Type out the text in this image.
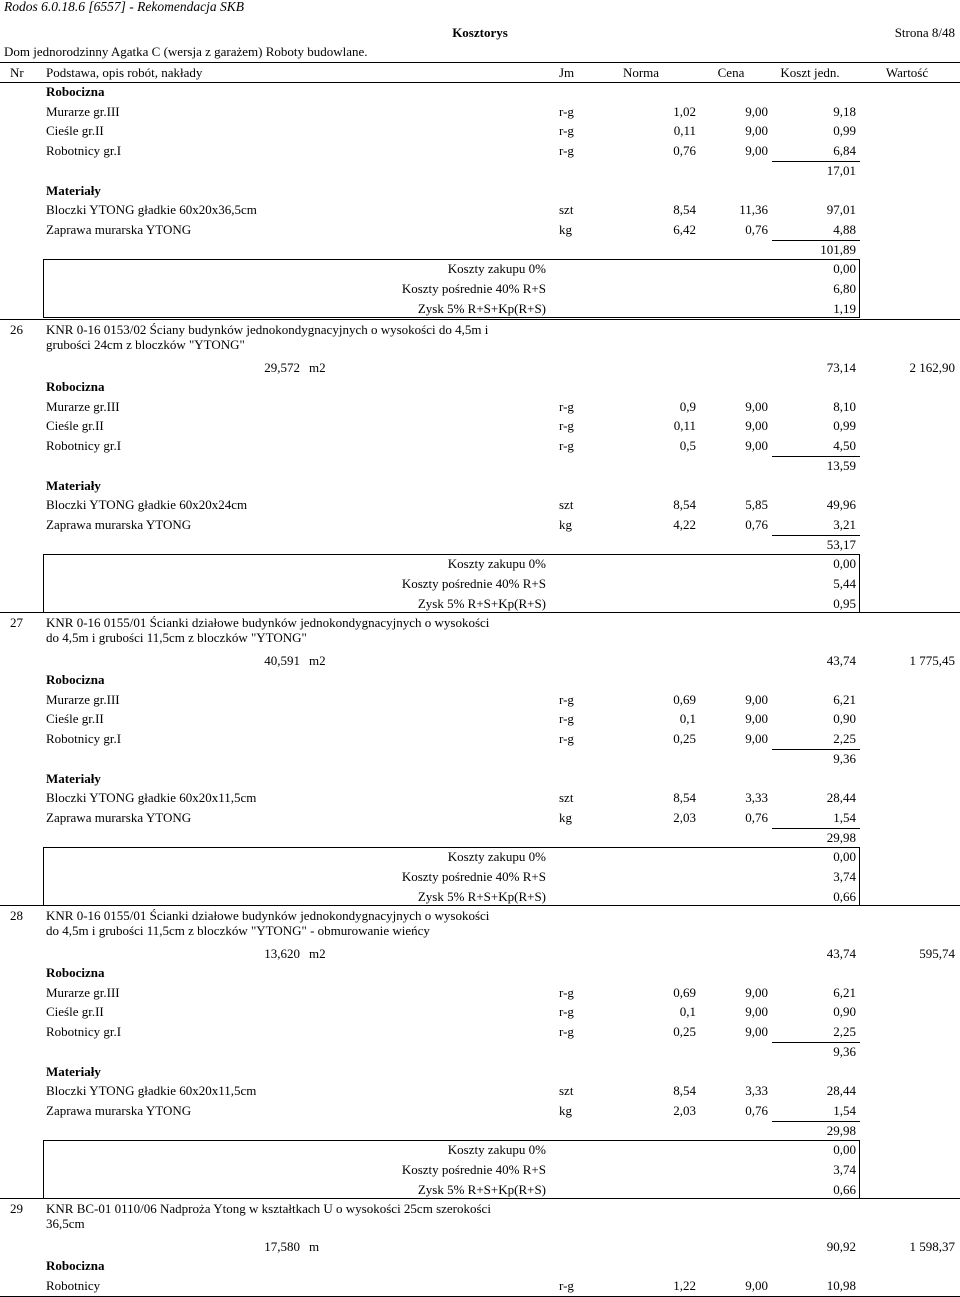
Rodos 6.0.18.6 [6557] - Rekomendacja SKB
Dom jednorodzinny Agatka C (wersja z garażem) Roboty budowlane.
Kosztorys	Strona 8/48
Nr Podstawa, opis robót, nakłady	Jm	Norma	Cena	Koszt jedn.	Wartość
Robocizna
Murarze gr.III	r-g	1,02	9,00	9,18
Cieśle gr.II	r-g	0,11	9,00	0,99
Robotnicy gr.I	r-g	0,76	9,00	6,84
17,01
Materiały
Bloczki YTONG gładkie 60x20x36,5cm	szt	8,54	11,36	97,01
Zaprawa murarska YTONG	kg	6,42	0,76	4,88
101,89
Koszty zakupu 0%	0,00
Koszty pośrednie 40% R+S	6,80
Zysk 5% R+S+Kp(R+S)	1,19
26 KNR 0-16 0153/02 Ściany budynków jednokondygnacyjnych o wysokości do 4,5m i
grubości 24cm z bloczków "YTONG"
29,572 m2	73,14	2 162,90
Robocizna
Murarze gr.III	r-g	0,9	9,00	8,10
Cieśle gr.II	r-g	0,11	9,00	0,99
Robotnicy gr.I	r-g	0,5	9,00	4,50
13,59
Materiały
Bloczki YTONG gładkie 60x20x24cm	szt	8,54	5,85	49,96
Zaprawa murarska YTONG	kg	4,22	0,76	3,21
53,17
Koszty zakupu 0%	0,00
Koszty pośrednie 40% R+S	5,44
Zysk 5% R+S+Kp(R+S)	0,95
27 KNR 0-16 0155/01 Ścianki działowe budynków jednokondygnacyjnych o wysokości
do 4,5m i grubości 11,5cm z bloczków "YTONG"
40,591 m2	43,74	1 775,45
Robocizna
Murarze gr.III	r-g	0,69	9,00	6,21
Cieśle gr.II	r-g	0,1	9,00	0,90
Robotnicy gr.I	r-g	0,25	9,00	2,25
9,36
Materiały
Bloczki YTONG gładkie 60x20x11,5cm	szt	8,54	3,33	28,44
Zaprawa murarska YTONG	kg	2,03	0,76	1,54
29,98
Koszty zakupu 0%	0,00
Koszty pośrednie 40% R+S	3,74
Zysk 5% R+S+Kp(R+S)	0,66
28 KNR 0-16 0155/01 Ścianki działowe budynków jednokondygnacyjnych o wysokości
do 4,5m i grubości 11,5cm z bloczków "YTONG" - obmurowanie wieńcy
13,620 m2	43,74	595,74
Robocizna
Murarze gr.III	r-g	0,69	9,00	6,21
Cieśle gr.II	r-g	0,1	9,00	0,90
Robotnicy gr.I	r-g	0,25	9,00	2,25
9,36
Materiały
Bloczki YTONG gładkie 60x20x11,5cm	szt	8,54	3,33	28,44
Zaprawa murarska YTONG	kg	2,03	0,76	1,54
29,98
Koszty zakupu 0%	0,00
Koszty pośrednie 40% R+S	3,74
Zysk 5% R+S+Kp(R+S)	0,66
29 KNR BC-01 0110/06 Nadproża Ytong w kształtkach U o wysokości 25cm szerokości
36,5cm
17,580 m	90,92	1 598,37
Robocizna
Robotnicy	r-g	1,22	9,00	10,98
